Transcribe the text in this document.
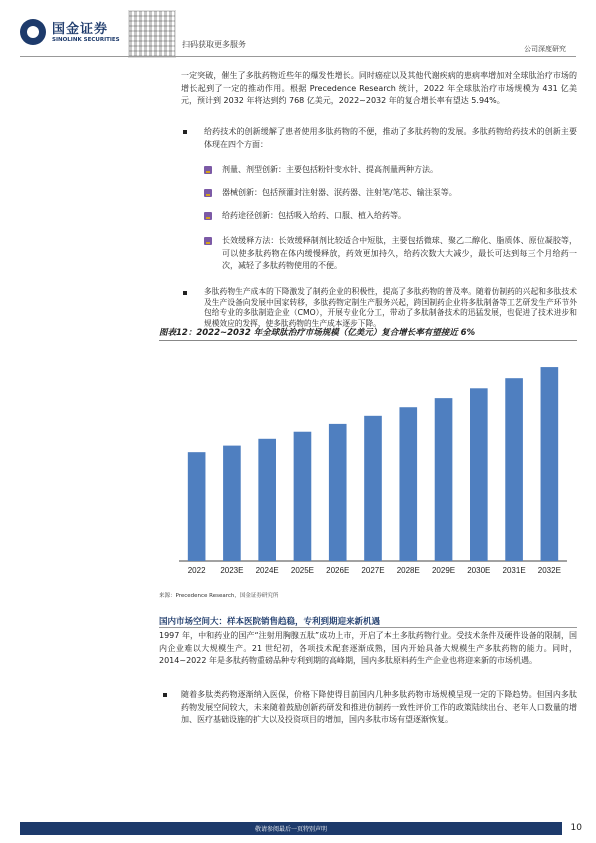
国金证券
SINOLINK SECURITIES	扫码获取更多服务	公司深度研究
一定突破，催生了多肽药物近些年的爆发性增长。同时癌症以及其他代谢疾病的患病率增加对全球肽治疗市场的增长起到了一定的推动作用。根据 Precedence Research 统计，2022 年全球肽治疗市场规模为 431 亿美元，预计到 2032 年将达到约 768 亿美元，2022~2032 年的复合增长率有望达 5.94%。
给药技术的创新缓解了患者使用多肽药物的不便，推动了多肽药物的发展。多肽药物给药技术的创新主要体现在四个方面：
剂量、剂型创新：主要包括粉针变水针、提高剂量两种方法。
器械创新：包括预灌封注射器、泯药器、注射笔/笔芯、输注泵等。
给药途径创新：包括吸入给药、口服、植入给药等。
长效缓释方法：长效缓释制剂比较适合中短肽，主要包括微球、聚乙二醇化、脂质体、原位凝胶等，可以使多肽药物在体内缓慢释放，药效更加持久，给药次数大大减少，最长可达到每三个月给药一次，减轻了多肽药物使用的不便。
多肽药物生产成本的下降激发了制药企业的积极性，提高了多肽药物的普及率。随着仿制药的兴起和多肽技术及生产设备向发展中国家转移，多肽药物定制生产服务兴起，跨国制药企业将多肽制备等工艺研发生产环节外包给专业的多肽制造企业（CMO），开展专业化分工，带动了多肽制备技术的迅猛发展，也促进了技术进步和规模效应的发挥，使多肽药物的生产成本逐步下降。
图表12：2022~2032 年全球肽治疗市场规模（亿美元）复合增长率有望接近 6%
2022 2023E 2024E 2025E 2026E 2027E 2028E 2029E 2030E 2031E 2032E
来源：Precedence Research，国金证券研究所
国内市场空间大：样本医院销售趋稳，专利到期迎来新机遇
1997 年，中和药业的国产“注射用胸腺五肽”成功上市，开启了本土多肽药物行业。受技术条件及硬件设备的限制，国内企业难以大规模生产。21 世纪初，各项技术配套逐渐成熟，国内开始具备大规模生产多肽药物的能力。同时，2014~2022 年是多肽药物重磅品种专利到期的高峰期，国内多肽原料药生产企业也将迎来新的市场机遇。
随着多肽类药物逐渐纳入医保，价格下降使得目前国内几种多肽药物市场规模呈现一定的下降趋势。但国内多肽药物发展空间较大，未来随着鼓励创新药研发和推进仿制药一致性评价工作的政策陆续出台、老年人口数量的增加、医疗基础设施的扩大以及投资项目的增加，国内多肽市场有望逐渐恢复。
敬请参阅最后一页特别声明	10
